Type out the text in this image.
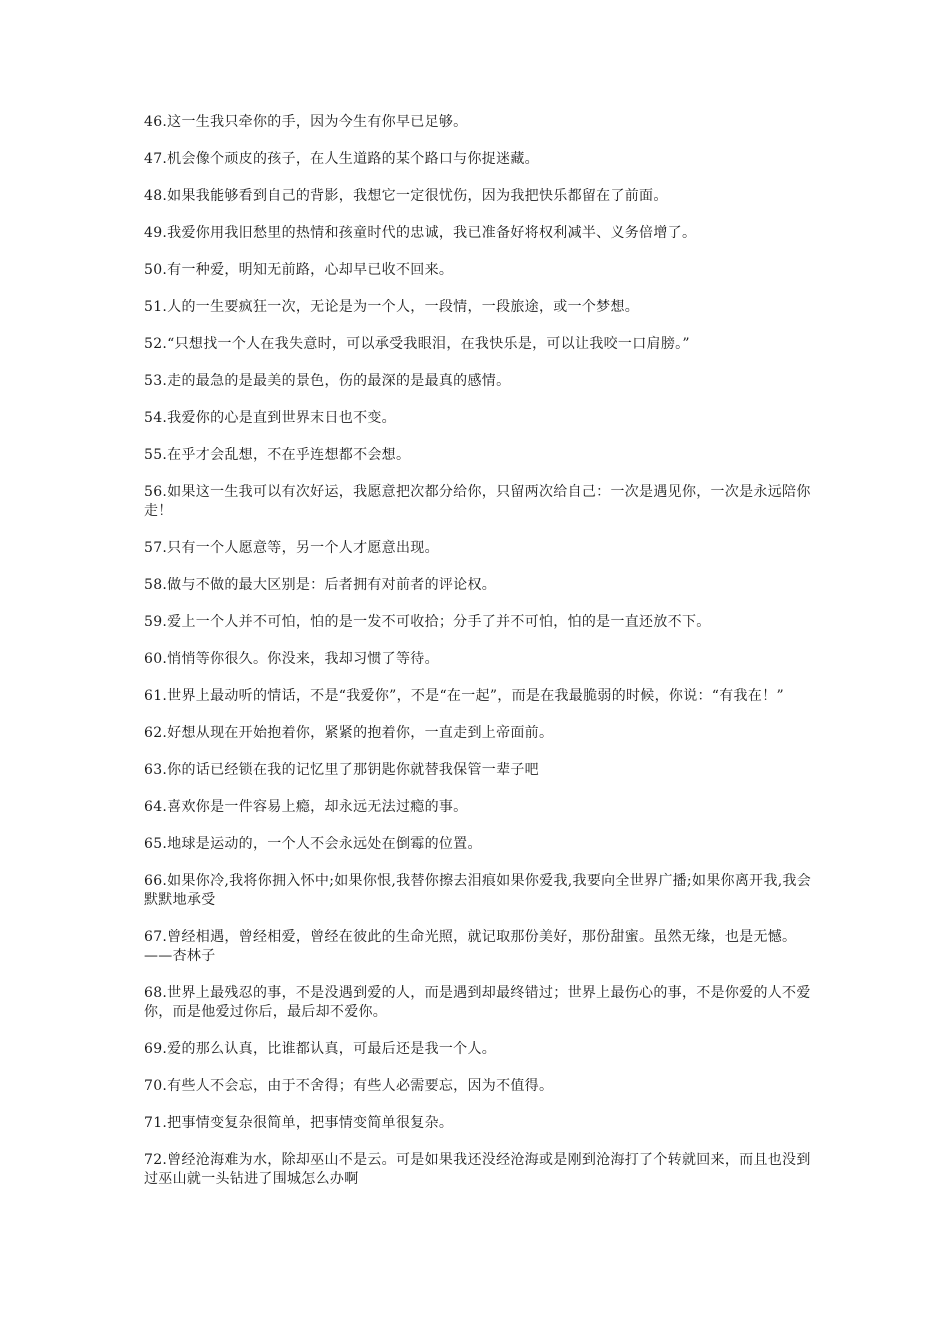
46.这一生我只牵你的手，因为今生有你早已足够。

47.机会像个顽皮的孩子，在人生道路的某个路口与你捉迷藏。

48.如果我能够看到自己的背影，我想它一定很忧伤，因为我把快乐都留在了前面。

49.我爱你用我旧愁里的热情和孩童时代的忠诚，我已准备好将权利减半、义务倍增了。

50.有一种爱，明知无前路，心却早已收不回来。

51.人的一生要疯狂一次，无论是为一个人，一段情，一段旅途，或一个梦想。

52.“只想找一个人在我失意时，可以承受我眼泪，在我快乐是，可以让我咬一口肩膀。”

53.走的最急的是最美的景色，伤的最深的是最真的感情。

54.我爱你的心是直到世界末日也不变。

55.在乎才会乱想，不在乎连想都不会想。

56.如果这一生我可以有次好运，我愿意把次都分给你，只留两次给自己：一次是遇见你，一次是永远陪你走！

57.只有一个人愿意等，另一个人才愿意出现。

58.做与不做的最大区别是：后者拥有对前者的评论权。

59.爱上一个人并不可怕，怕的是一发不可收拾；分手了并不可怕，怕的是一直还放不下。

60.悄悄等你很久。你没来，我却习惯了等待。

61.世界上最动听的情话，不是“我爱你”，不是“在一起”，而是在我最脆弱的时候，你说：“有我在！”

62.好想从现在开始抱着你，紧紧的抱着你，一直走到上帝面前。

63.你的话已经锁在我的记忆里了那钥匙你就替我保管一辈子吧

64.喜欢你是一件容易上瘾，却永远无法过瘾的事。

65.地球是运动的，一个人不会永远处在倒霉的位置。

66.如果你冷,我将你拥入怀中;如果你恨,我替你擦去泪痕如果你爱我,我要向全世界广播;如果你离开我,我会默默地承受

67.曾经相遇，曾经相爱，曾经在彼此的生命光照，就记取那份美好，那份甜蜜。虽然无缘，也是无憾。——杏林子

68.世界上最残忍的事，不是没遇到爱的人，而是遇到却最终错过；世界上最伤心的事，不是你爱的人不爱你，而是他爱过你后，最后却不爱你。

69.爱的那么认真，比谁都认真，可最后还是我一个人。

70.有些人不会忘，由于不舍得；有些人必需要忘，因为不值得。

71.把事情变复杂很简单，把事情变简单很复杂。

72.曾经沧海难为水，除却巫山不是云。可是如果我还没经沧海或是刚到沧海打了个转就回来，而且也没到过巫山就一头钻进了围城怎么办啊
